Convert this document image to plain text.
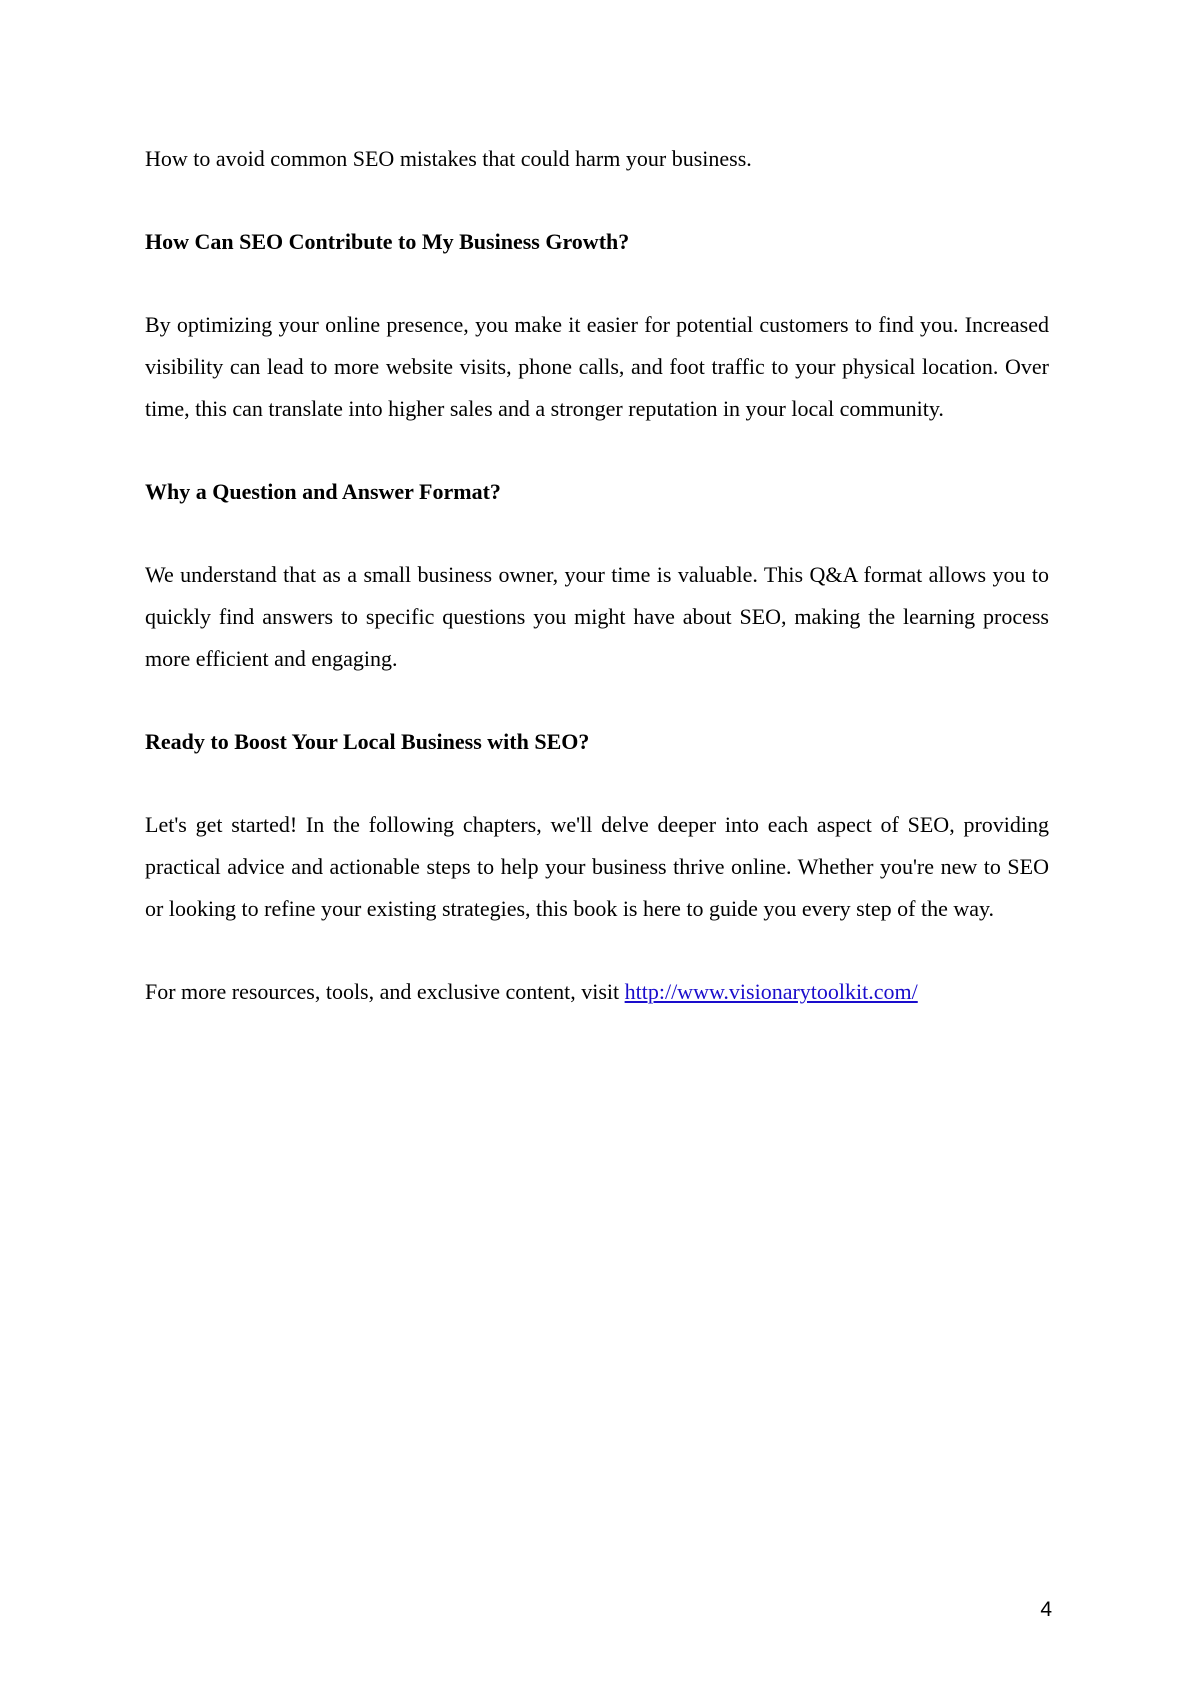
How to avoid common SEO mistakes that could harm your business.

How Can SEO Contribute to My Business Growth?

By optimizing your online presence, you make it easier for potential customers to find you. Increased visibility can lead to more website visits, phone calls, and foot traffic to your physical location. Over time, this can translate into higher sales and a stronger reputation in your local community.

Why a Question and Answer Format?

We understand that as a small business owner, your time is valuable. This Q&A format allows you to quickly find answers to specific questions you might have about SEO, making the learning process more efficient and engaging.

Ready to Boost Your Local Business with SEO?

Let's get started! In the following chapters, we'll delve deeper into each aspect of SEO, providing practical advice and actionable steps to help your business thrive online. Whether you're new to SEO or looking to refine your existing strategies, this book is here to guide you every step of the way.

For more resources, tools, and exclusive content, visit http://www.visionarytoolkit.com/

4
